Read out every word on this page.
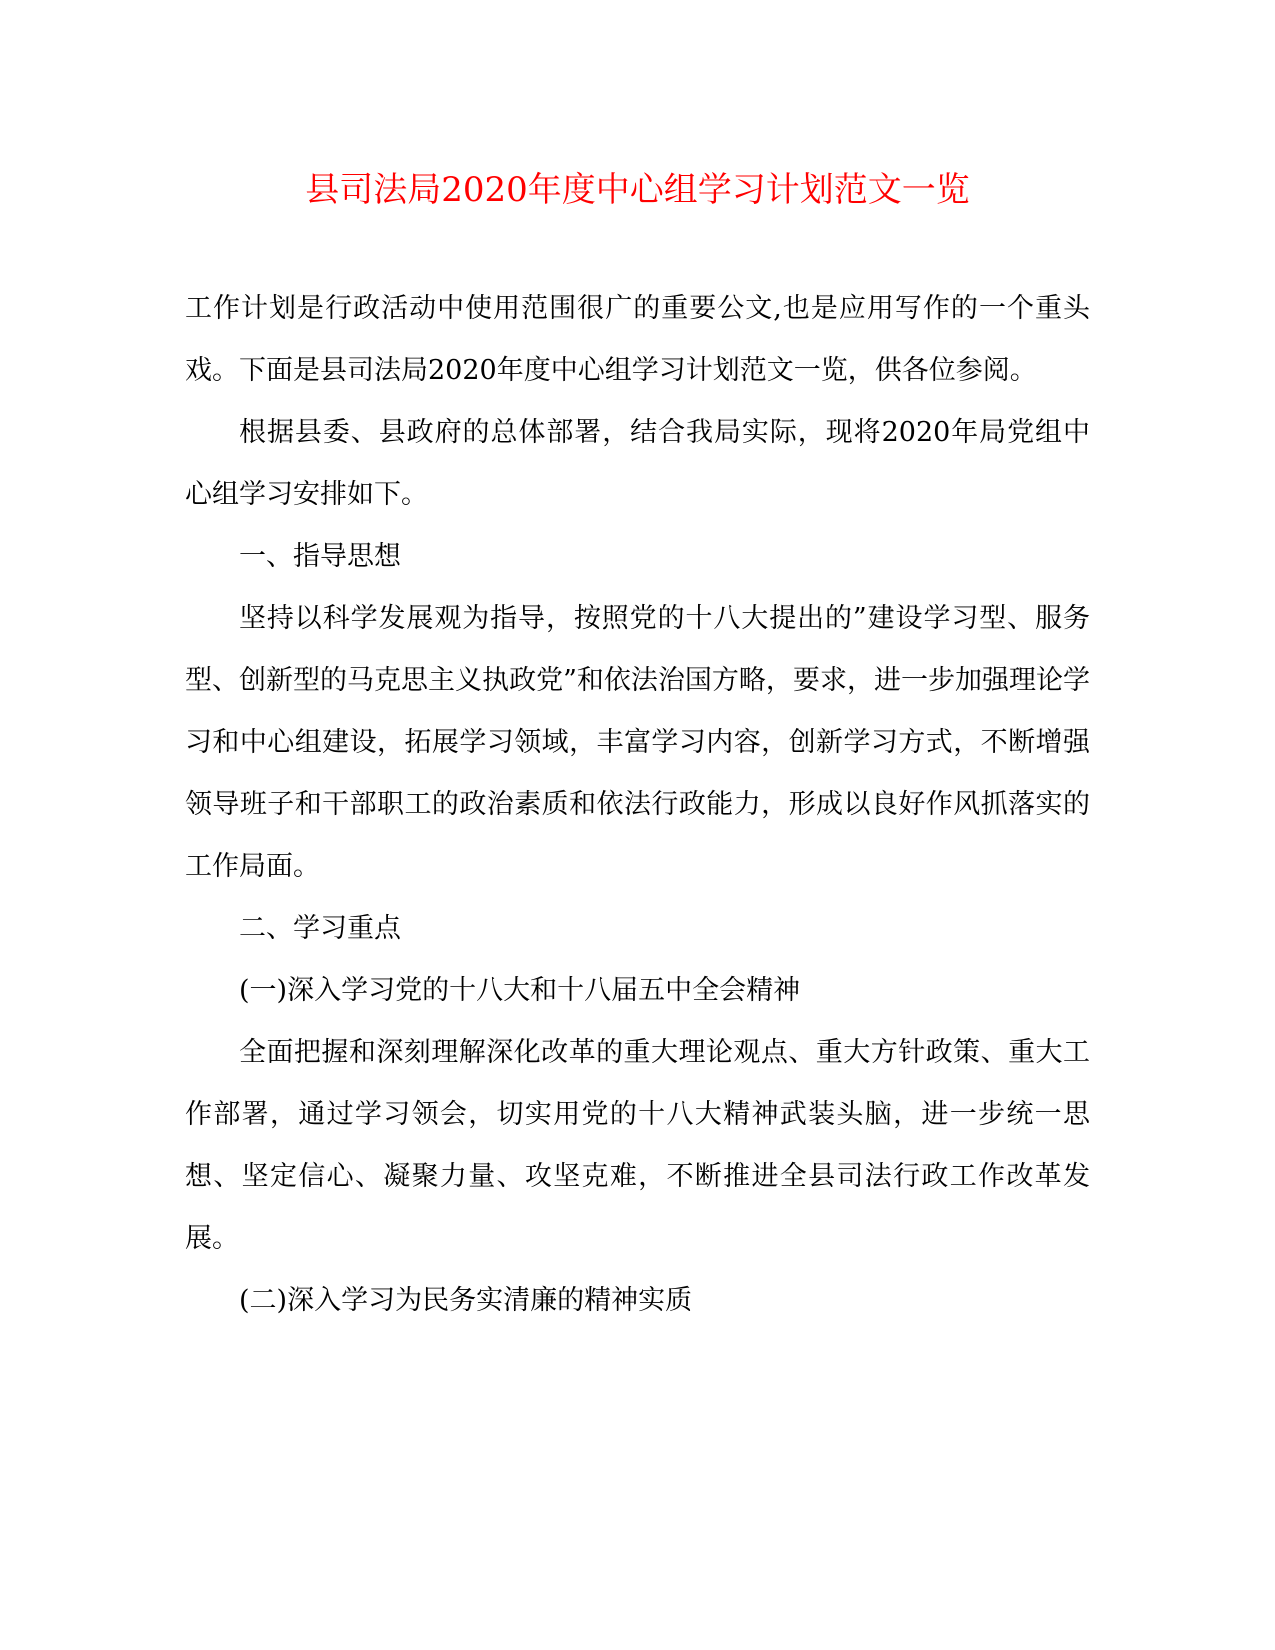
县司法局2020年度中心组学习计划范文一览

工作计划是行政活动中使用范围很广的重要公文,也是应用写作的一个重头戏。下面是县司法局2020年度中心组学习计划范文一览，供各位参阅。

根据县委、县政府的总体部署，结合我局实际，现将2020年局党组中心组学习安排如下。

一、指导思想

坚持以科学发展观为指导，按照党的十八大提出的”建设学习型、服务型、创新型的马克思主义执政党”和依法治国方略，要求，进一步加强理论学习和中心组建设，拓展学习领域，丰富学习内容，创新学习方式，不断增强领导班子和干部职工的政治素质和依法行政能力，形成以良好作风抓落实的工作局面。

二、学习重点

(一)深入学习党的十八大和十八届五中全会精神

全面把握和深刻理解深化改革的重大理论观点、重大方针政策、重大工作部署，通过学习领会，切实用党的十八大精神武装头脑，进一步统一思想、坚定信心、凝聚力量、攻坚克难，不断推进全县司法行政工作改革发展。

(二)深入学习为民务实清廉的精神实质
